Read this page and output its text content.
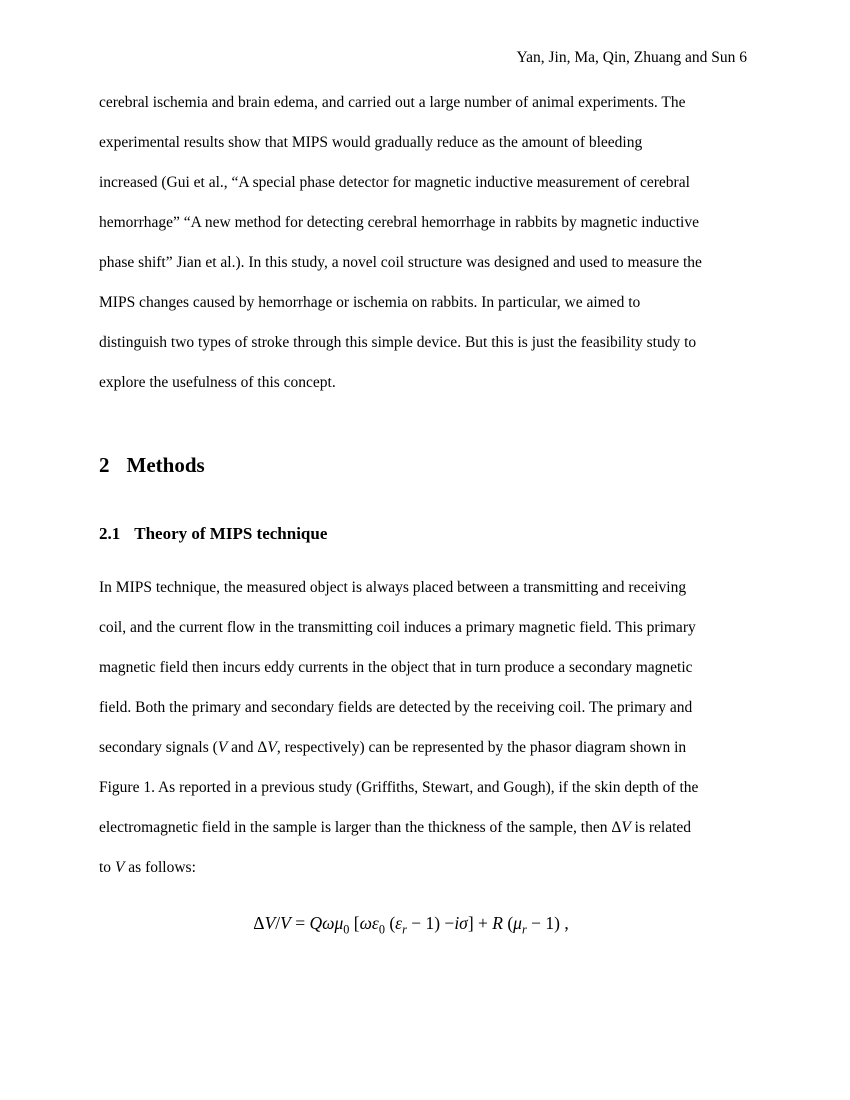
Yan, Jin, Ma, Qin, Zhuang and Sun 6
cerebral ischemia and brain edema, and carried out a large number of animal experiments. The
experimental results show that MIPS would gradually reduce as the amount of bleeding
increased (Gui et al., “A special phase detector for magnetic inductive measurement of cerebral
hemorrhage” “A new method for detecting cerebral hemorrhage in rabbits by magnetic inductive
phase shift” Jian et al.). In this study, a novel coil structure was designed and used to measure the
MIPS changes caused by hemorrhage or ischemia on rabbits. In particular, we aimed to
distinguish two types of stroke through this simple device. But this is just the feasibility study to
explore the usefulness of this concept.
2 Methods
2.1 Theory of MIPS technique
In MIPS technique, the measured object is always placed between a transmitting and receiving
coil, and the current flow in the transmitting coil induces a primary magnetic field. This primary
magnetic field then incurs eddy currents in the object that in turn produce a secondary magnetic
field. Both the primary and secondary fields are detected by the receiving coil. The primary and
secondary signals (V and ΔV, respectively) can be represented by the phasor diagram shown in
Figure 1. As reported in a previous study (Griffiths, Stewart, and Gough), if the skin depth of the
electromagnetic field in the sample is larger than the thickness of the sample, then ΔV is related
to V as follows:
ΔV/V = Qωμ$_0$ [$\omega\varepsilon_0$ $(\varepsilon_r - 1) -i\sigma] + R$ $(\mu_r - 1)$ ,
